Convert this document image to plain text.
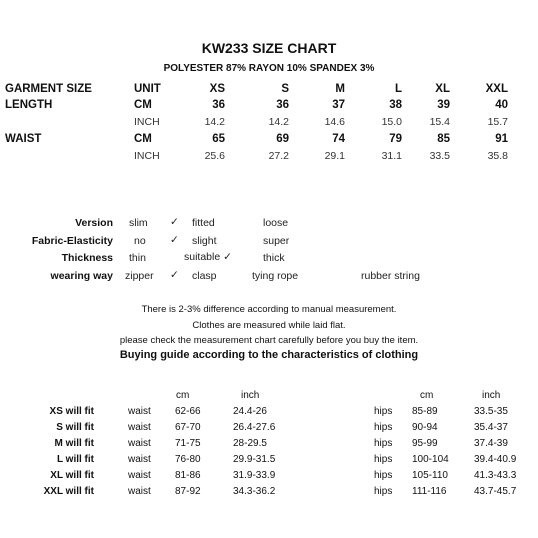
KW233 SIZE CHART
POLYESTER 87% RAYON 10% SPANDEX 3%
GARMENT SIZE	UNIT	XS	S	M	L	XL	XXL
LENGTH	CM	36	36	37	38	39	40
INCH	14.2	14.2	14.6	15.0	15.4	15.7
WAIST	CM	65	69	74	79	85	91
INCH	25.6	27.2	29.1	31.1	33.5	35.8
Version slim ✓ fitted	loose
Fabric-Elasticity no ✓ slight	super
Thickness thin	suitable ✓	thick
wearing way zipper ✓ clasp	tying rope	rubber string
There is 2-3% difference according to manual measurement.
Clothes are measured while laid flat.
please check the measurement chart carefully before you buy the item.
Buying guide according to the characteristics of clothing
cm	inch	cm	inch
XS will fit	waist 62-66	24.4-26	hips 85-89	33.5-35
S will fit	waist 67-70	26.4-27.6	hips 90-94	35.4-37
M will fit	waist 71-75	28-29.5	hips 95-99	37.4-39
L will fit	waist 76-80	29.9-31.5	hips 100-104	39.4-40.9
XL will fit	waist 81-86	31.9-33.9	hips 105-110	41.3-43.3
XXL will fit	waist 87-92	34.3-36.2	hips 111-116	43.7-45.7
